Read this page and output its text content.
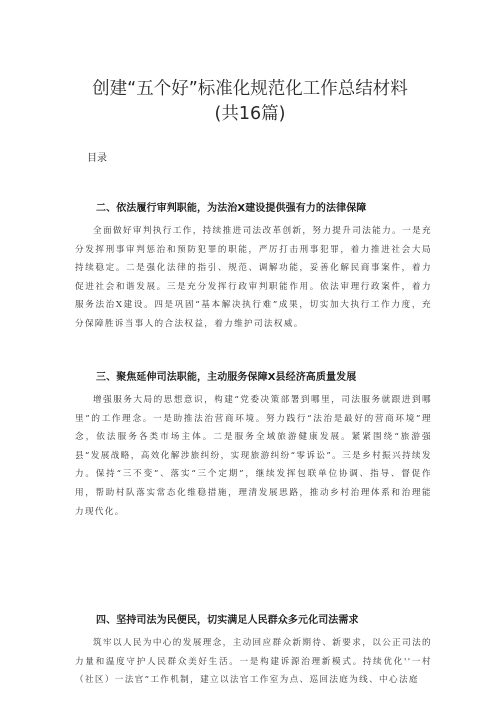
创建“五个好”标准化规范化工作总结材料
(共16篇)
目录
二、依法履行审判职能，为法治X建设提供强有力的法律保障

全面做好审判执行工作，持续推进司法改革创新，努力提升司法能力。一是充分发挥刑事审判惩治和预防犯罪的职能，严厉打击刑事犯罪，着力推进社会大局持续稳定。二是强化法律的指引、规范、调解功能，妥善化解民商事案件，着力促进社会和谐发展。三是充分发挥行政审判职能作用。依法审理行政案件，着力服务法治X建设。四是巩固“基本解决执行难”成果，切实加大执行工作力度，充分保障胜诉当事人的合法权益，着力维护司法权威。

三、聚焦延伸司法职能，主动服务保障X县经济高质量发展

增强服务大局的思想意识，构建“党委决策部署到哪里，司法服务就跟进到哪里”的工作理念。一是助推法治营商环境。努力践行“法治是最好的营商环境”理念，依法服务各类市场主体。二是服务全域旅游健康发展。紧紧围绕“旅游强县”发展战略，高效化解涉旅纠纷，实现旅游纠纷“零诉讼”。三是乡村振兴持续发力。保持“三不变”、落实“三个定期”，继续发挥包联单位协调、指导、督促作用，帮助村队落实常态化维稳措施，理清发展思路，推动乡村治理体系和治理能力现代化。

四、坚持司法为民便民，切实满足人民群众多元化司法需求

筑牢以人民为中心的发展理念，主动回应群众新期待、新要求，以公正司法的力量和温度守护人民群众美好生活。一是构建诉源治理新模式。持续优化''一村（社区）一法官”工作机制，建立以法官工作室为点、巡回法庭为线、中心法庭
